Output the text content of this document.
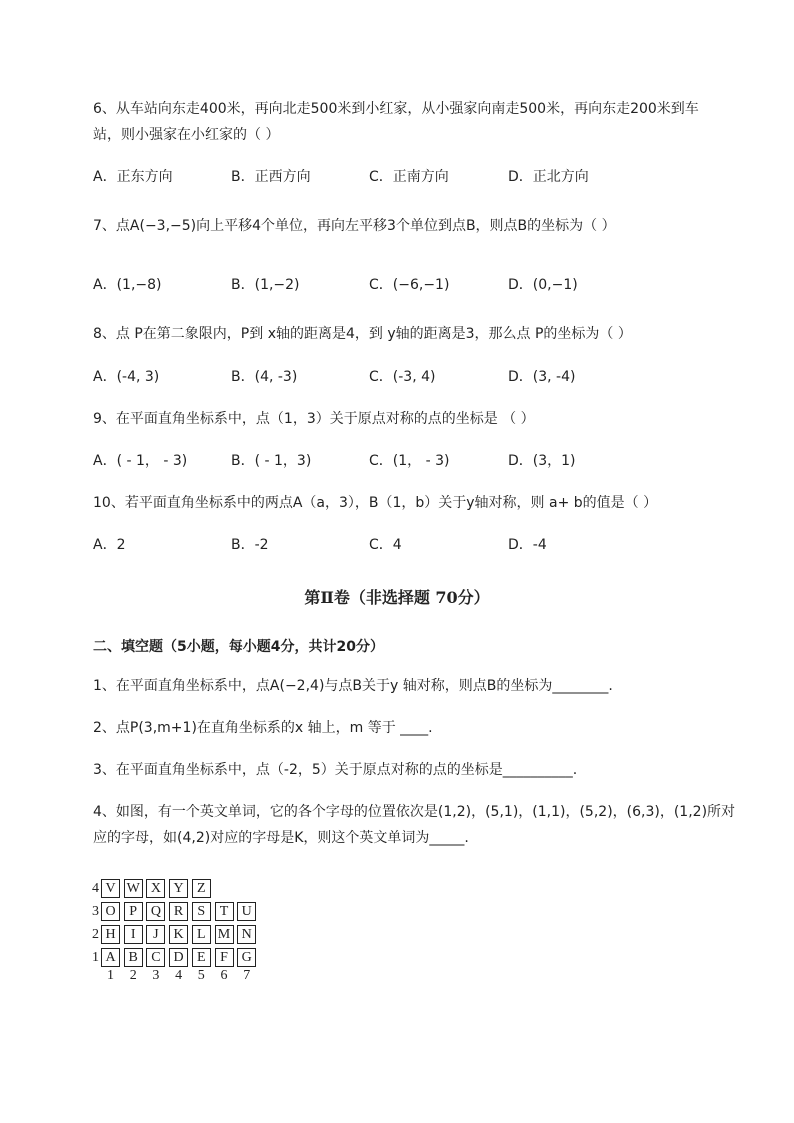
6、从车站向东走400米，再向北走500米到小红家，从小强家向南走500米，再向东走200米到车
站，则小强家在小红家的（ ）
A．正东方向	B．正西方向	C．正南方向	D．正北方向
7、点A(−3,−5)向上平移4个单位，再向左平移3个单位到点B，则点B的坐标为（ ）
A．(1,−8)	B．(1,−2)	C．(−6,−1)	D．(0,−1)
8、点 P在第二象限内，P到 x轴的距离是4，到 y轴的距离是3，那么点 P的坐标为（ ）
A．(-4, 3)	B．(4, -3)	C．(-3, 4)	D．(3, -4)
9、在平面直角坐标系中，点（1，3）关于原点对称的点的坐标是 （ ）
A．( - 1， - 3)	B．( - 1，3)	C．(1， - 3)	D．(3，1)
10、若平面直角坐标系中的两点A（a，3），B（1，b）关于y轴对称，则 a+ b的值是（ ）
A．2	B．-2	C．4	D．-4
第Ⅱ卷（非选择题 70分）
二、填空题（5小题，每小题4分，共计20分）
1、在平面直角坐标系中，点A(−2,4)与点B关于y 轴对称，则点B的坐标为________.
2、点P(3,m+1)在直角坐标系的x 轴上，m 等于 ____.
3、在平面直角坐标系中，点（-2，5）关于原点对称的点的坐标是__________.
4、如图，有一个英文单词，它的各个字母的位置依次是(1,2)，(5,1)，(1,1)，(5,2)，(6,3)，(1,2)所对
应的字母，如(4,2)对应的字母是K，则这个英文单词为_____.
4 V W X Y Z
3 O P Q R	S	T U
2 H	I	J	K L M N
1 A B C D E	F G
1	2	3	4	5	6	7
